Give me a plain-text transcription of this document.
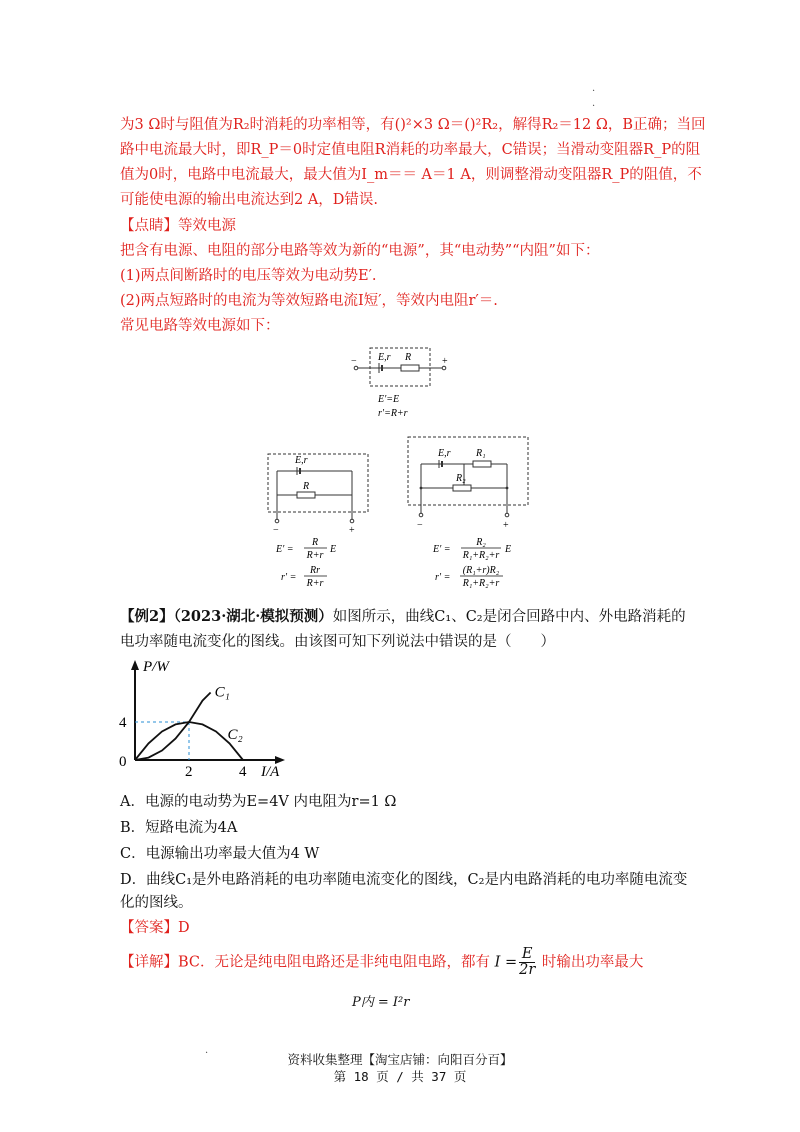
·
·
为3 Ω时与阻值为R₂时消耗的功率相等，有()²×3 Ω＝()²R₂，解得R₂＝12 Ω，B正确；当回
路中电流最大时，即R_P＝0时定值电阻R消耗的功率最大，C错误；当滑动变阻器R_P的阻
值为0时，电路中电流最大，最大值为I_m＝＝ A＝1 A，则调整滑动变阻器R_P的阻值，不
可能使电源的输出电流达到2 A，D错误.
【点睛】等效电源
把含有电源、电阻的部分电路等效为新的“电源”，其“电动势”“内阻”如下：
(1)两点间断路时的电压等效为电动势E′.
(2)两点短路时的电流为等效短路电流I短′，等效内电阻r′＝.
常见电路等效电源如下：
E,r R
−	+
E′=E
r′=R+r
E,r
R
−	+
E′ =
R
R+r
E
r′ =
Rr
R+r
E,r	R₁
R₂
−	+
E′ =
R₂
R₁+R₂+r
E
r′ =
(R₁+r)R₂
R₁+R₂+r
【例2】（2023·湖北·模拟预测）如图所示，曲线C₁、C₂是闭合回路中内、外电路消耗的
电功率随电流变化的图线。由该图可知下列说法中错误的是（　　）
P/W
I/A
0
2	4
4
C₁
C₂
A．电源的电动势为E=4V 内电阻为r=1 Ω
B．短路电流为4A
C．电源输出功率最大值为4 W
D．曲线C₁是外电路消耗的电功率随电流变化的图线，C₂是内电路消耗的电功率随电流变
化的图线。
【答案】D
【详解】BC．无论是纯电阻电路还是非纯电阻电路，都有 $I = \frac{E}{2r}$ 时输出功率最大
P内 = I²r
资料收集整理【淘宝店铺：向阳百分百】
第 18 页 / 共 37 页
·
